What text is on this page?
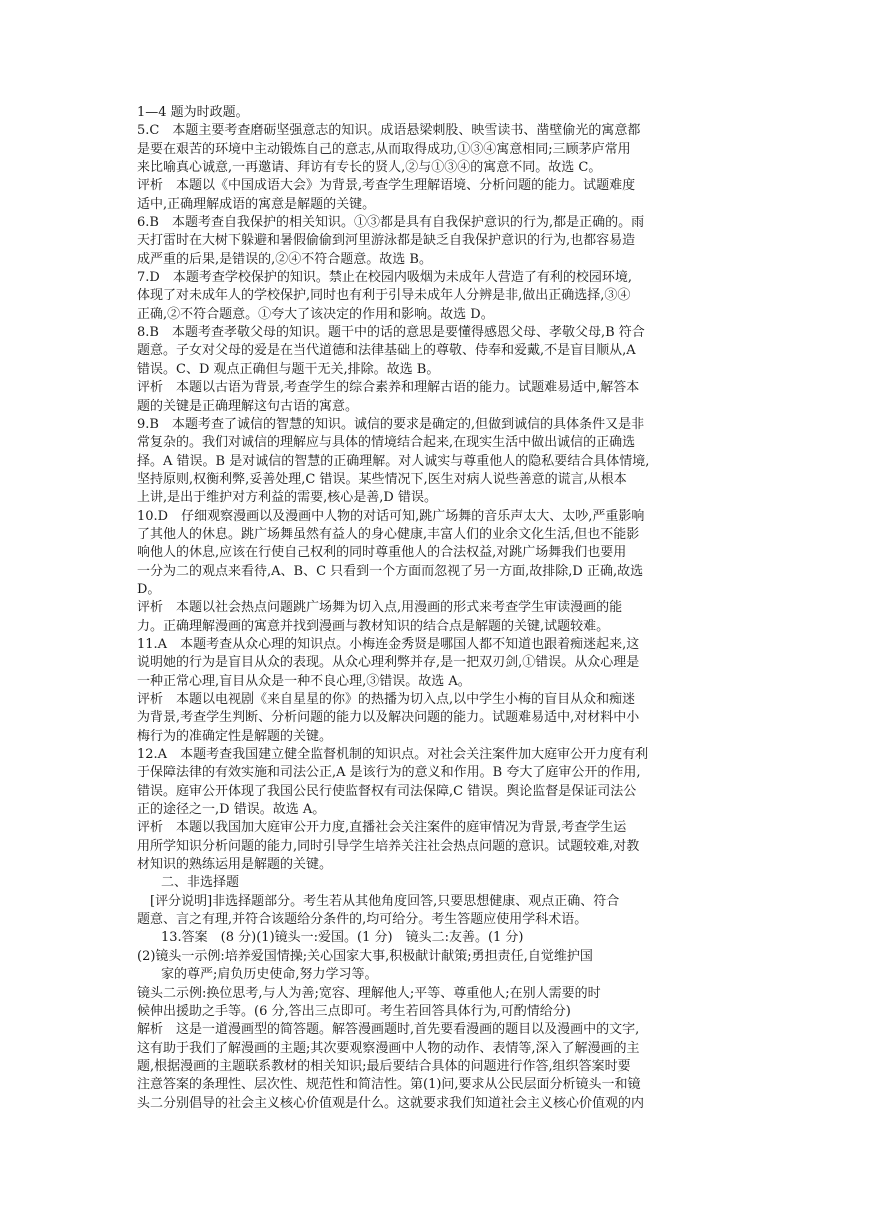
1—4 题为时政题。
5.C　本题主要考查磨砺坚强意志的知识。成语悬梁刺股、映雪读书、凿壁偷光的寓意都
是要在艰苦的环境中主动锻炼自己的意志,从而取得成功,①③④寓意相同;三顾茅庐常用
来比喻真心诚意,一再邀请、拜访有专长的贤人,②与①③④的寓意不同。故选 C。
评析　本题以《中国成语大会》为背景,考查学生理解语境、分析问题的能力。试题难度
适中,正确理解成语的寓意是解题的关键。
6.B　本题考查自我保护的相关知识。①③都是具有自我保护意识的行为,都是正确的。雨
天打雷时在大树下躲避和暑假偷偷到河里游泳都是缺乏自我保护意识的行为,也都容易造
成严重的后果,是错误的,②④不符合题意。故选 B。
7.D　本题考查学校保护的知识。禁止在校园内吸烟为未成年人营造了有利的校园环境,
体现了对未成年人的学校保护,同时也有利于引导未成年人分辨是非,做出正确选择,③④
正确,②不符合题意。①夸大了该决定的作用和影响。故选 D。
8.B　本题考查孝敬父母的知识。题干中的话的意思是要懂得感恩父母、孝敬父母,B 符合
题意。子女对父母的爱是在当代道德和法律基础上的尊敬、侍奉和爱戴,不是盲目顺从,A
错误。C、D 观点正确但与题干无关,排除。故选 B。
评析　本题以古语为背景,考查学生的综合素养和理解古语的能力。试题难易适中,解答本
题的关键是正确理解这句古语的寓意。
9.B　本题考查了诚信的智慧的知识。诚信的要求是确定的,但做到诚信的具体条件又是非
常复杂的。我们对诚信的理解应与具体的情境结合起来,在现实生活中做出诚信的正确选
择。A 错误。B 是对诚信的智慧的正确理解。对人诚实与尊重他人的隐私要结合具体情境,
坚持原则,权衡利弊,妥善处理,C 错误。某些情况下,医生对病人说些善意的谎言,从根本
上讲,是出于维护对方利益的需要,核心是善,D 错误。
10.D　仔细观察漫画以及漫画中人物的对话可知,跳广场舞的音乐声太大、太吵,严重影响
了其他人的休息。跳广场舞虽然有益人的身心健康,丰富人们的业余文化生活,但也不能影
响他人的休息,应该在行使自己权利的同时尊重他人的合法权益,对跳广场舞我们也要用
一分为二的观点来看待,A、B、C 只看到一个方面而忽视了另一方面,故排除,D 正确,故选
D。
评析　本题以社会热点问题跳广场舞为切入点,用漫画的形式来考查学生审读漫画的能
力。正确理解漫画的寓意并找到漫画与教材知识的结合点是解题的关键,试题较难。
11.A　本题考查从众心理的知识点。小梅连金秀贤是哪国人都不知道也跟着痴迷起来,这
说明她的行为是盲目从众的表现。从众心理利弊并存,是一把双刃剑,①错误。从众心理是
一种正常心理,盲目从众是一种不良心理,③错误。故选 A。
评析　本题以电视剧《来自星星的你》的热播为切入点,以中学生小梅的盲目从众和痴迷
为背景,考查学生判断、分析问题的能力以及解决问题的能力。试题难易适中,对材料中小
梅行为的准确定性是解题的关键。
12.A　本题考查我国建立健全监督机制的知识点。对社会关注案件加大庭审公开力度有利
于保障法律的有效实施和司法公正,A 是该行为的意义和作用。B 夸大了庭审公开的作用,
错误。庭审公开体现了我国公民行使监督权有司法保障,C 错误。舆论监督是保证司法公
正的途径之一,D 错误。故选 A。
评析　本题以我国加大庭审公开力度,直播社会关注案件的庭审情况为背景,考查学生运
用所学知识分析问题的能力,同时引导学生培养关注社会热点问题的意识。试题较难,对教
材知识的熟练运用是解题的关键。
二、非选择题
[评分说明]非选择题部分。考生若从其他角度回答,只要思想健康、观点正确、符合
题意、言之有理,并符合该题给分条件的,均可给分。考生答题应使用学科术语。
13.答案　(8 分)(1)镜头一:爱国。(1 分)　镜头二:友善。(1 分)
(2)镜头一示例:培养爱国情操;关心国家大事,积极献计献策;勇担责任,自觉维护国
家的尊严;肩负历史使命,努力学习等。
镜头二示例:换位思考,与人为善;宽容、理解他人;平等、尊重他人;在别人需要的时
候伸出援助之手等。(6 分,答出三点即可。考生若回答具体行为,可酌情给分)
解析　这是一道漫画型的简答题。解答漫画题时,首先要看漫画的题目以及漫画中的文字,
这有助于我们了解漫画的主题;其次要观察漫画中人物的动作、表情等,深入了解漫画的主
题,根据漫画的主题联系教材的相关知识;最后要结合具体的问题进行作答,组织答案时要
注意答案的条理性、层次性、规范性和简洁性。第(1)问,要求从公民层面分析镜头一和镜
头二分别倡导的社会主义核心价值观是什么。这就要求我们知道社会主义核心价值观的内
